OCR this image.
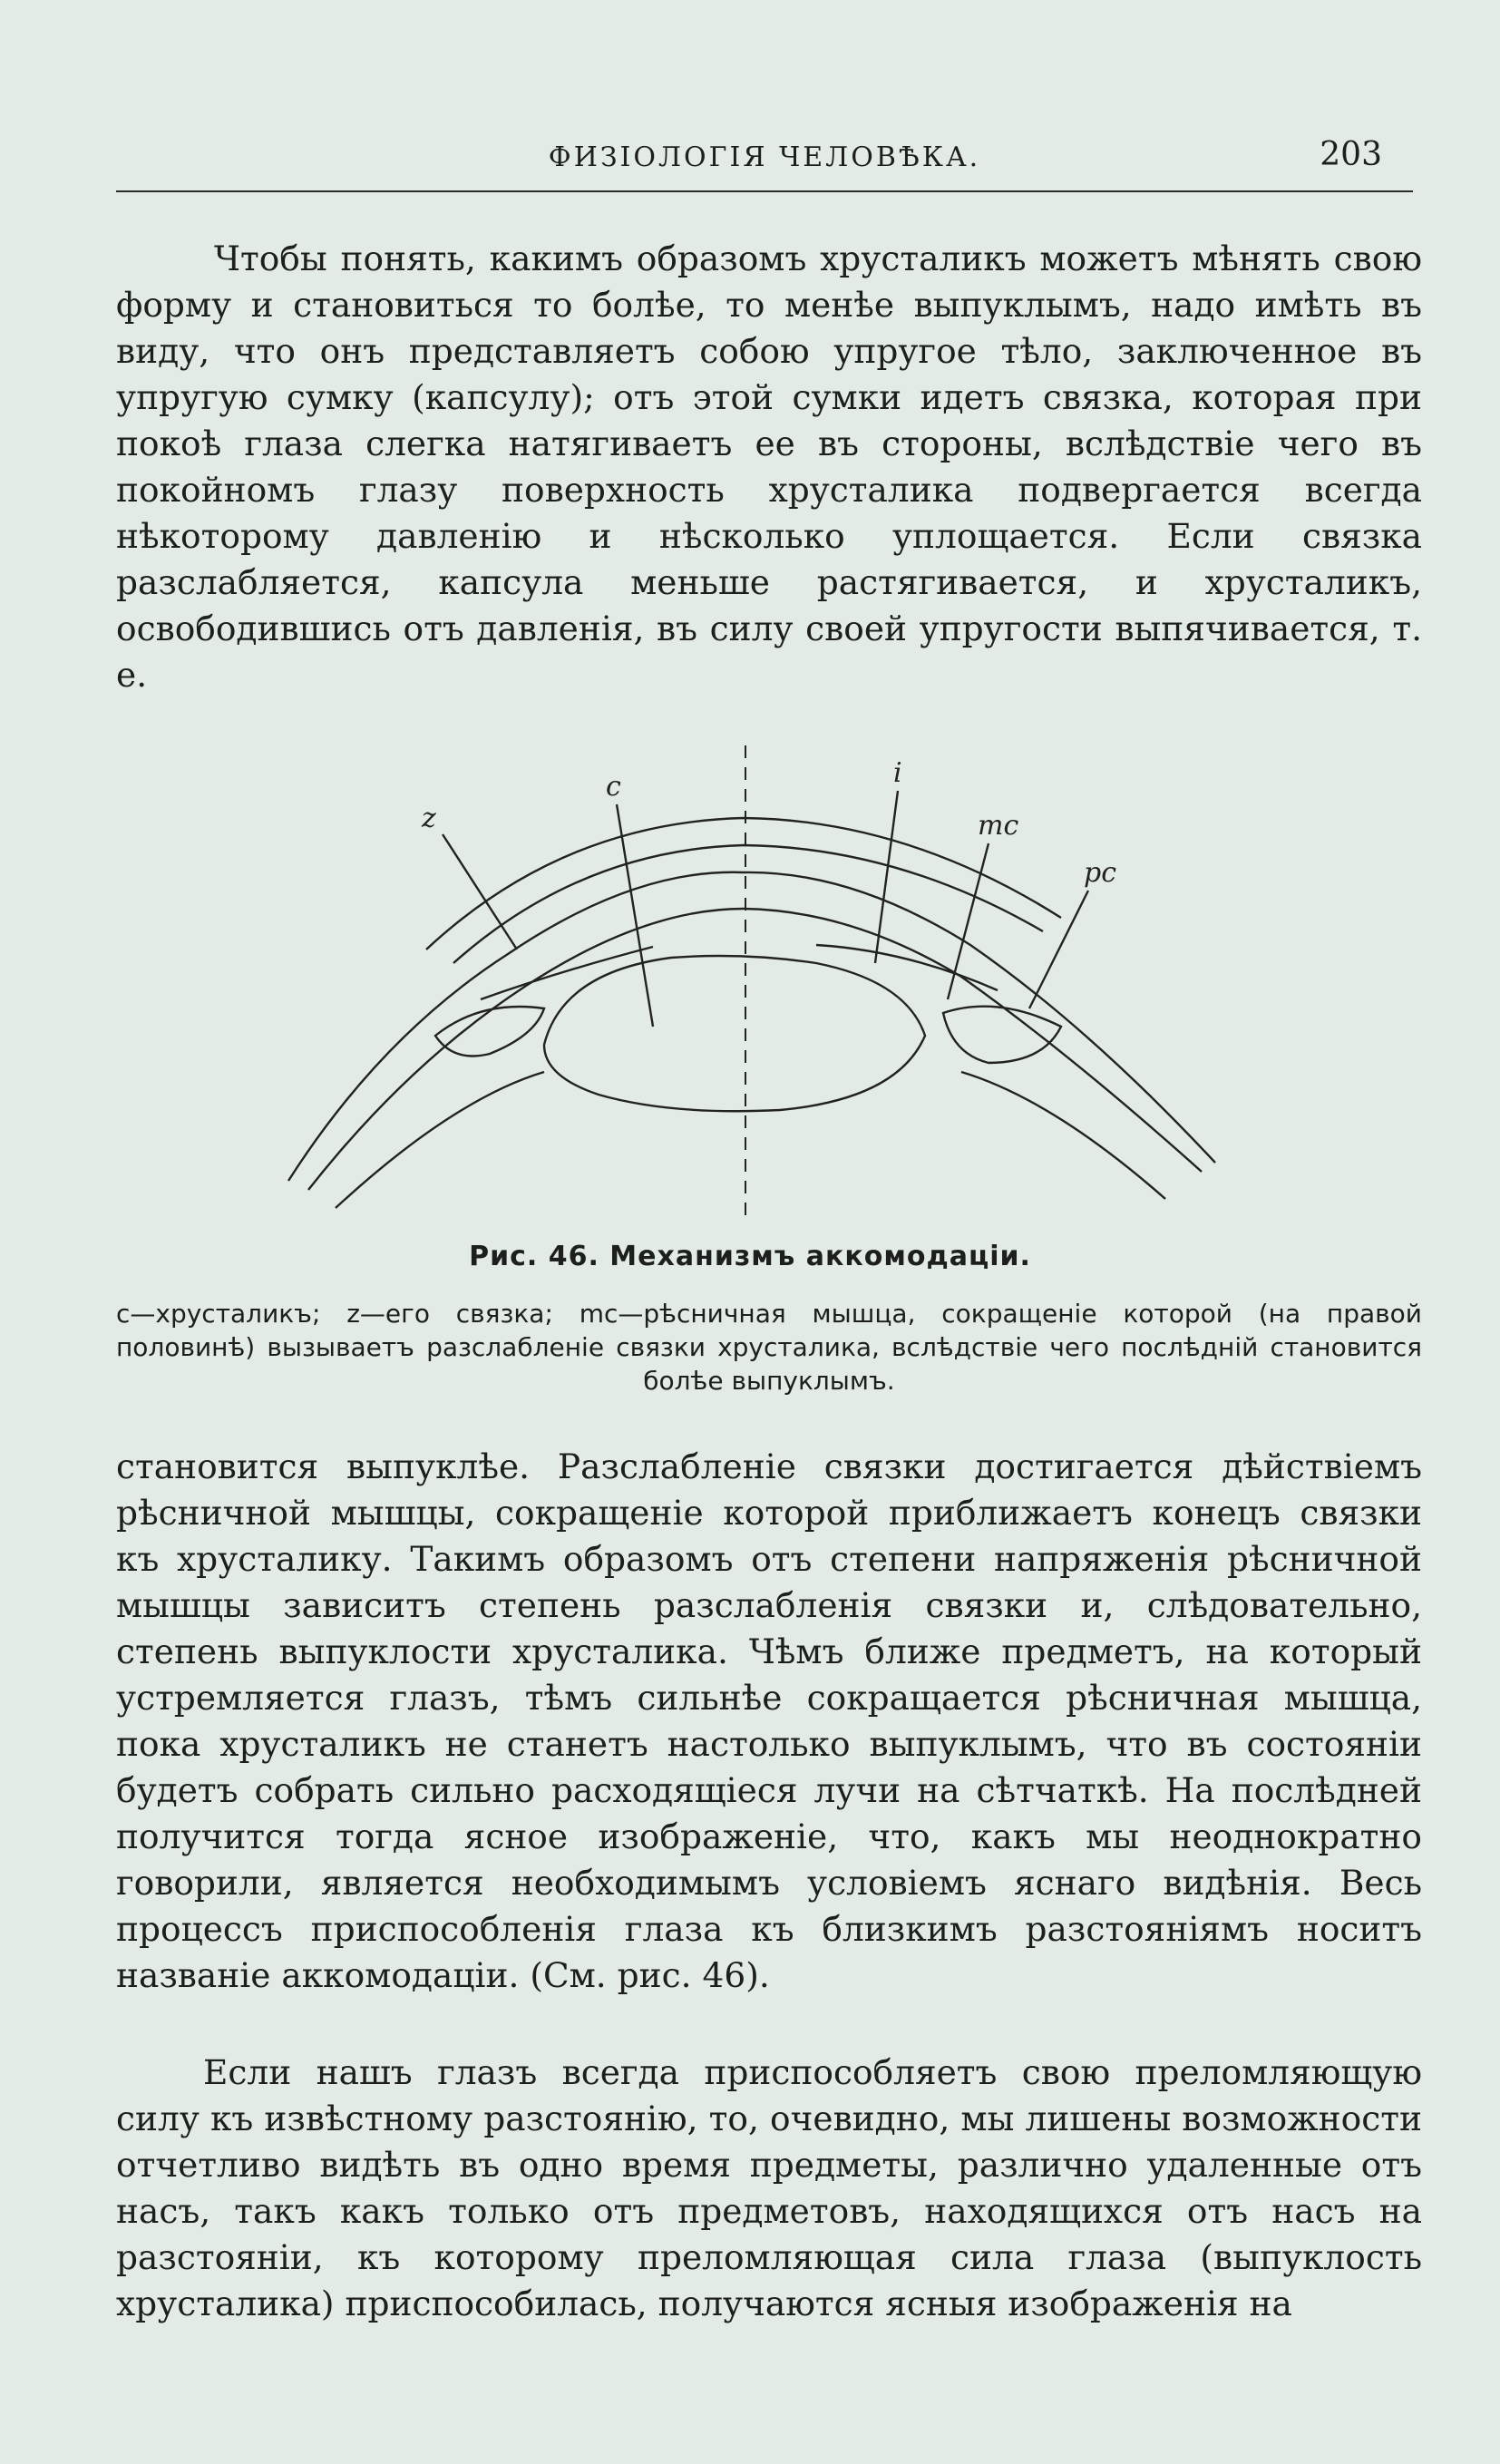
ФИЗІОЛОГІЯ ЧЕЛОВѢКА.	203

Чтобы понять, какимъ образомъ хрусталикъ можетъ мѣнять свою форму и становиться то болѣе, то менѣе выпуклымъ, надо имѣть въ виду, что онъ представляетъ собою упругое тѣло, заключенное въ упругую сумку (капсулу); отъ этой сумки идетъ связка, которая при покоѣ глаза слегка натягиваетъ ее въ стороны, вслѣдствіе чего въ покойномъ глазу поверхность хрусталика подвергается всегда нѣкоторому давленію и нѣсколько уплощается. Если связка разслабляется, капсула меньше растягивается, и хрусталикъ, освободившись отъ давленія, въ силу своей упругости выпячивается, т. е.

z
c	i
mc
pc
Рис. 46. Механизмъ аккомодаціи.

с—хрусталикъ; z—его связка; mc—рѣсничная мышца, сокращеніе которой (на правой половинѣ) вызываетъ разслабленіе связки хрусталика, вслѣдствіе чего послѣдній становится болѣе выпуклымъ.

становится выпуклѣе. Разслабленіе связки достигается дѣйствіемъ рѣсничной мышцы, сокращеніе которой приближаетъ конецъ связки къ хрусталику. Такимъ образомъ отъ степени напряженія рѣсничной мышцы зависитъ степень разслабленія связки и, слѣдовательно, степень выпуклости хрусталика. Чѣмъ ближе предметъ, на который устремляется глазъ, тѣмъ сильнѣе сокращается рѣсничная мышца, пока хрусталикъ не станетъ настолько выпуклымъ, что въ состояніи будетъ собрать сильно расходящіеся лучи на сѣтчаткѣ. На послѣдней получится тогда ясное изображеніе, что, какъ мы неоднократно говорили, является необходимымъ условіемъ яснаго видѣнія. Весь процессъ приспособленія глаза къ близкимъ разстояніямъ носитъ названіе аккомодаціи. (См. рис. 46).

Если нашъ глазъ всегда приспособляетъ свою преломляющую силу къ извѣстному разстоянію, то, очевидно, мы лишены возможности отчетливо видѣть въ одно время предметы, различно удаленные отъ насъ, такъ какъ только отъ предметовъ, находящихся отъ насъ на разстояніи, къ которому преломляющая сила глаза (выпуклость хрусталика) приспособилась, получаются ясныя изображенія на
